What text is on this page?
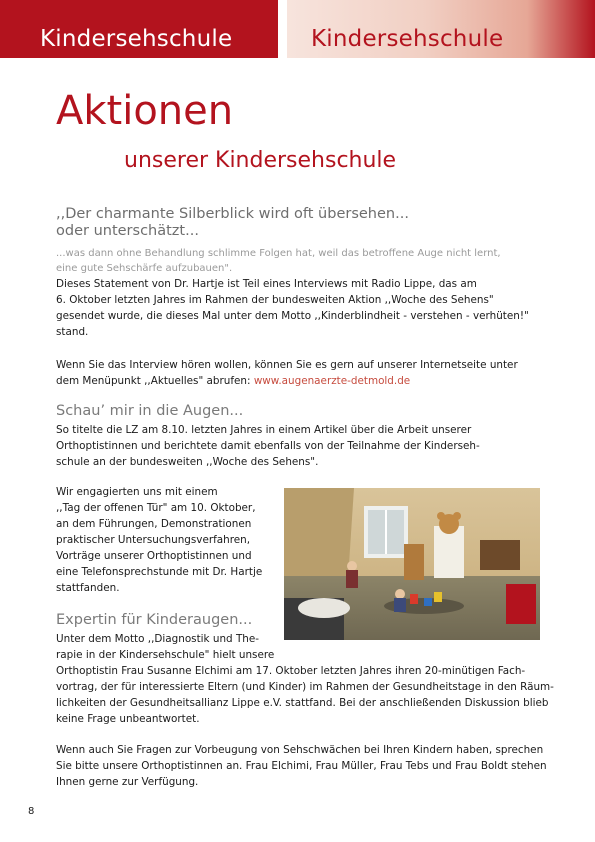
Kindersehschule	Kindersehschule
Aktionen
unserer Kindersehschule
,,Der charmante Silberblick wird oft übersehen...
oder unterschätzt...
...was dann ohne Behandlung schlimme Folgen hat, weil das betroffene Auge nicht lernt,
eine gute Sehschärfe aufzubauen".
Dieses Statement von Dr. Hartje ist Teil eines Interviews mit Radio Lippe, das am
6. Oktober letzten Jahres im Rahmen der bundesweiten Aktion ,,Woche des Sehens"
gesendet wurde, die dieses Mal unter dem Motto ,,Kinderblindheit - verstehen - verhüten!"
stand.
Wenn Sie das Interview hören wollen, können Sie es gern auf unserer Internetseite unter
dem Menüpunkt ,,Aktuelles" abrufen: www.augenaerzte-detmold.de
Schau’ mir in die Augen...
So titelte die LZ am 8.10. letzten Jahres in einem Artikel über die Arbeit unserer
Orthoptistinnen und berichtete damit ebenfalls von der Teilnahme der Kinderseh-
schule an der bundesweiten ,,Woche des Sehens".
Wir engagierten uns mit einem
,,Tag der offenen Tür" am 10. Oktober,
an dem Führungen, Demonstrationen
praktischer Untersuchungsverfahren,
Vorträge unserer Orthoptistinnen und
eine Telefonsprechstunde mit Dr. Hartje
stattfanden.
Expertin für Kinderaugen...
Unter dem Motto ,,Diagnostik und The-
rapie in der Kindersehschule" hielt unsere
Orthoptistin Frau Susanne Elchimi am 17. Oktober letzten Jahres ihren 20-minütigen Fach-
vortrag, der für interessierte Eltern (und Kinder) im Rahmen der Gesundheitstage in den Räum-
lichkeiten der Gesundheitsallianz Lippe e.V. stattfand. Bei der anschließenden Diskussion blieb
keine Frage unbeantwortet.
Wenn auch Sie Fragen zur Vorbeugung von Sehschwächen bei Ihren Kindern haben, sprechen
Sie bitte unsere Orthoptistinnen an. Frau Elchimi, Frau Müller, Frau Tebs und Frau Boldt stehen
Ihnen gerne zur Verfügung.
8
